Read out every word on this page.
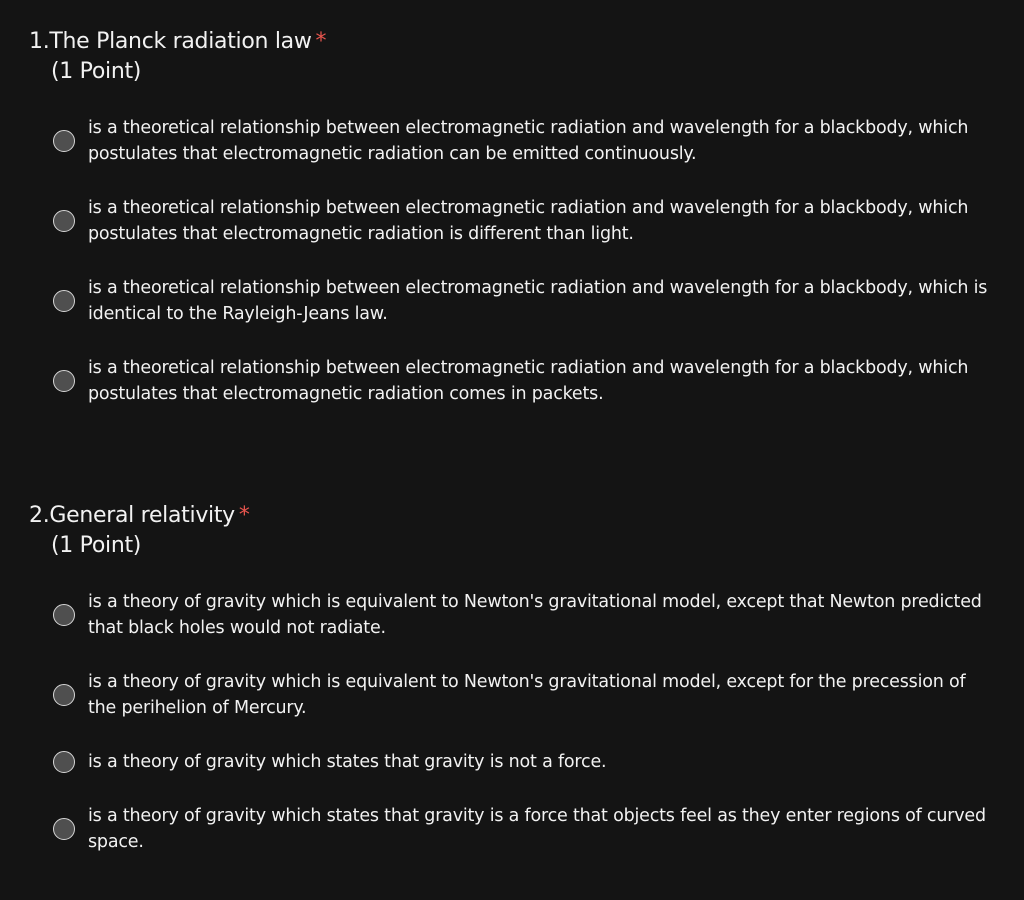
1.The Planck radiation law *
(1 Point)
is a theoretical relationship between electromagnetic radiation and wavelength for a blackbody, which postulates that electromagnetic radiation can be emitted continuously.
is a theoretical relationship between electromagnetic radiation and wavelength for a blackbody, which postulates that electromagnetic radiation is different than light.
is a theoretical relationship between electromagnetic radiation and wavelength for a blackbody, which is identical to the Rayleigh-Jeans law.
is a theoretical relationship between electromagnetic radiation and wavelength for a blackbody, which postulates that electromagnetic radiation comes in packets.
2.General relativity *
(1 Point)
is a theory of gravity which is equivalent to Newton's gravitational model, except that Newton predicted that black holes would not radiate.
is a theory of gravity which is equivalent to Newton's gravitational model, except for the precession of the perihelion of Mercury.
is a theory of gravity which states that gravity is not a force.
is a theory of gravity which states that gravity is a force that objects feel as they enter regions of curved space.
